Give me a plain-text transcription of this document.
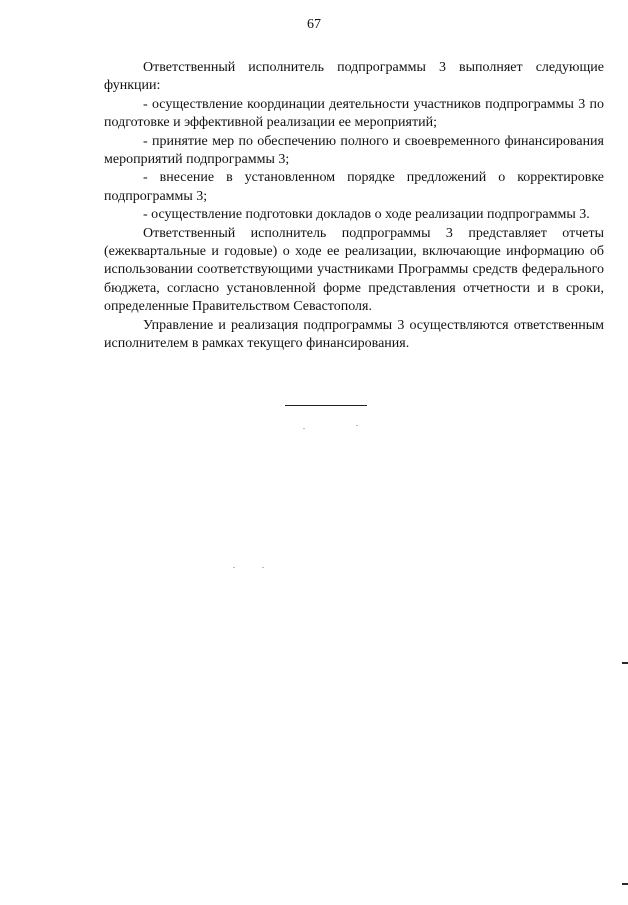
67

Ответственный исполнитель подпрограммы 3 выполняет следующие функции:

- осуществление координации деятельности участников подпрограммы 3 по подготовке и эффективной реализации ее мероприятий;

- принятие мер по обеспечению полного и своевременного финансирования мероприятий подпрограммы 3;

- внесение в установленном порядке предложений о корректировке подпрограммы 3;

- осуществление подготовки докладов о ходе реализации подпрограммы 3.

Ответственный исполнитель подпрограммы 3 представляет отчеты (ежеквартальные и годовые) о ходе ее реализации, включающие информацию об использовании соответствующими участниками Программы средств федерального бюджета, согласно установленной форме представления отчетности и в сроки, определенные Правительством Севастополя.

Управление и реализация подпрограммы 3 осуществляются ответственным исполнителем в рамках текущего финансирования.
